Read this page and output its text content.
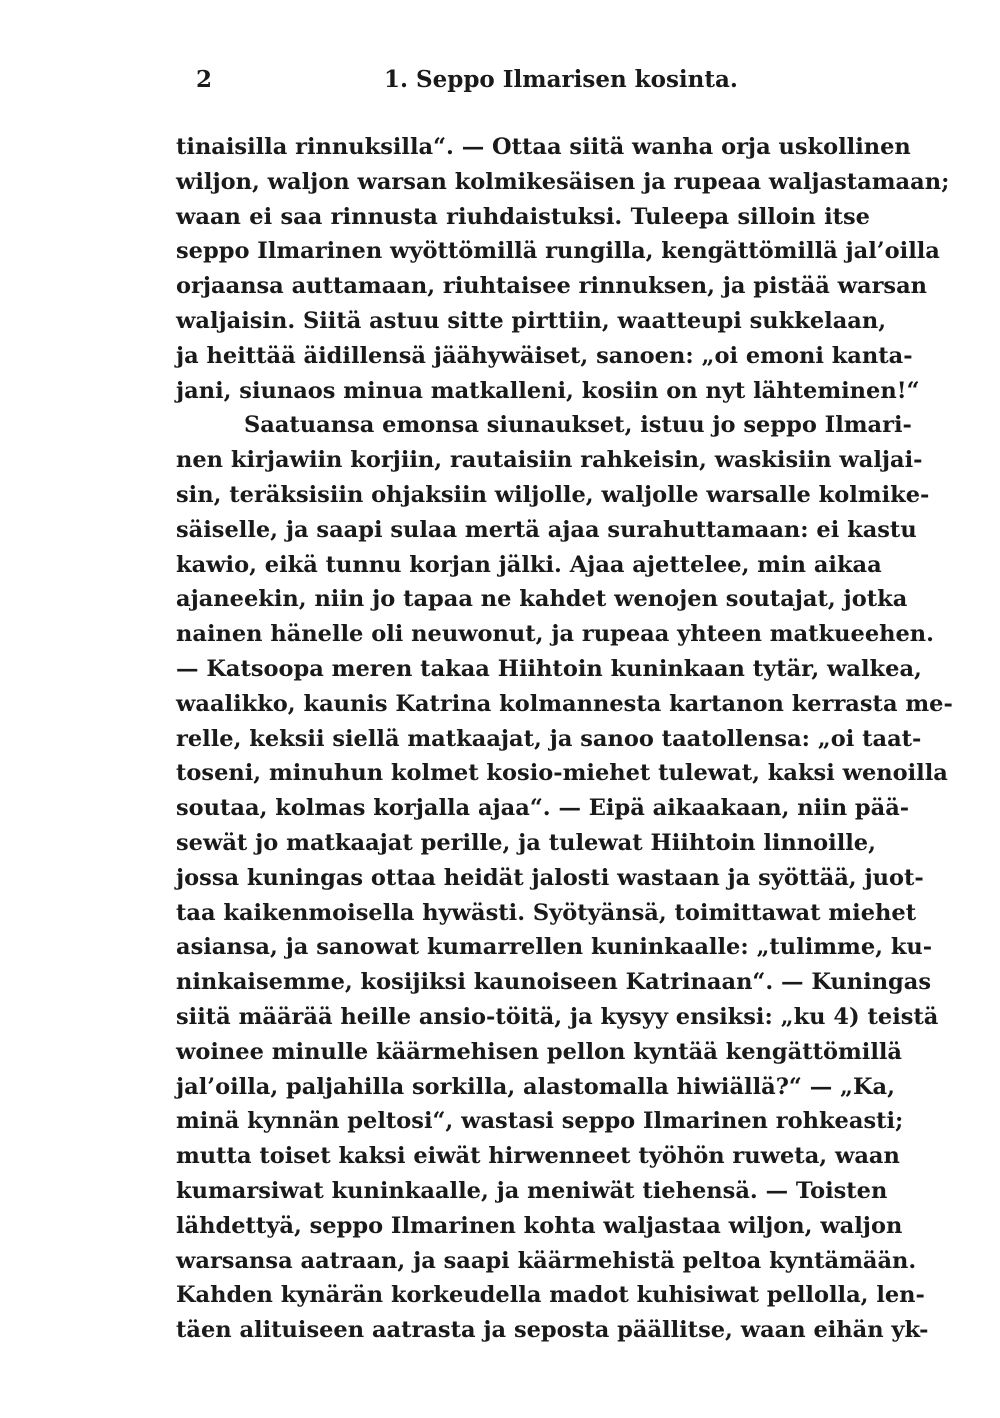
2	1. Seppo Ilmarisen kosinta.
tinaisilla rinnuksilla“. — Ottaa siitä wanha orja uskollinen
wiljon, waljon warsan kolmikesäisen ja rupeaa waljastamaan;
waan ei saa rinnusta riuhdaistuksi. Tuleepa silloin itse
seppo Ilmarinen wyöttömillä rungilla, kengättömillä jal’oilla
orjaansa auttamaan, riuhtaisee rinnuksen, ja pistää warsan
waljaisin. Siitä astuu sitte pirttiin, waatteupi sukkelaan,
ja heittää äidillensä jäähywäiset, sanoen: „oi emoni kanta-
jani, siunaos minua matkalleni, kosiin on nyt lähteminen!“
Saatuansa emonsa siunaukset, istuu jo seppo Ilmari-
nen kirjawiin korjiin, rautaisiin rahkeisin, waskisiin waljai-
sin, teräksisiin ohjaksiin wiljolle, waljolle warsalle kolmike-
säiselle, ja saapi sulaa mertä ajaa surahuttamaan: ei kastu
kawio, eikä tunnu korjan jälki. Ajaa ajettelee, min aikaa
ajaneekin, niin jo tapaa ne kahdet wenojen soutajat, jotka
nainen hänelle oli neuwonut, ja rupeaa yhteen matkueehen.
— Katsoopa meren takaa Hiihtoin kuninkaan tytär, walkea,
waalikko, kaunis Katrina kolmannesta kartanon kerrasta me-
relle, keksii siellä matkaajat, ja sanoo taatollensa: „oi taat-
toseni, minuhun kolmet kosio-miehet tulewat, kaksi wenoilla
soutaa, kolmas korjalla ajaa“. — Eipä aikaakaan, niin pää-
sewät jo matkaajat perille, ja tulewat Hiihtoin linnoille,
jossa kuningas ottaa heidät jalosti wastaan ja syöttää, juot-
taa kaikenmoisella hywästi. Syötyänsä, toimittawat miehet
asiansa, ja sanowat kumarrellen kuninkaalle: „tulimme, ku-
ninkaisemme, kosijiksi kaunoiseen Katrinaan“. — Kuningas
siitä määrää heille ansio-töitä, ja kysyy ensiksi: „ku 4) teistä
woinee minulle käärmehisen pellon kyntää kengättömillä
jal’oilla, paljahilla sorkilla, alastomalla hiwiällä?“ — „Ka,
minä kynnän peltosi“, wastasi seppo Ilmarinen rohkeasti;
mutta toiset kaksi eiwät hirwenneet työhön ruweta, waan
kumarsiwat kuninkaalle, ja meniwät tiehensä. — Toisten
lähdettyä, seppo Ilmarinen kohta waljastaa wiljon, waljon
warsansa aatraan, ja saapi käärmehistä peltoa kyntämään.
Kahden kynärän korkeudella madot kuhisiwat pellolla, len-
täen alituiseen aatrasta ja seposta päällitse, waan eihän yk-
